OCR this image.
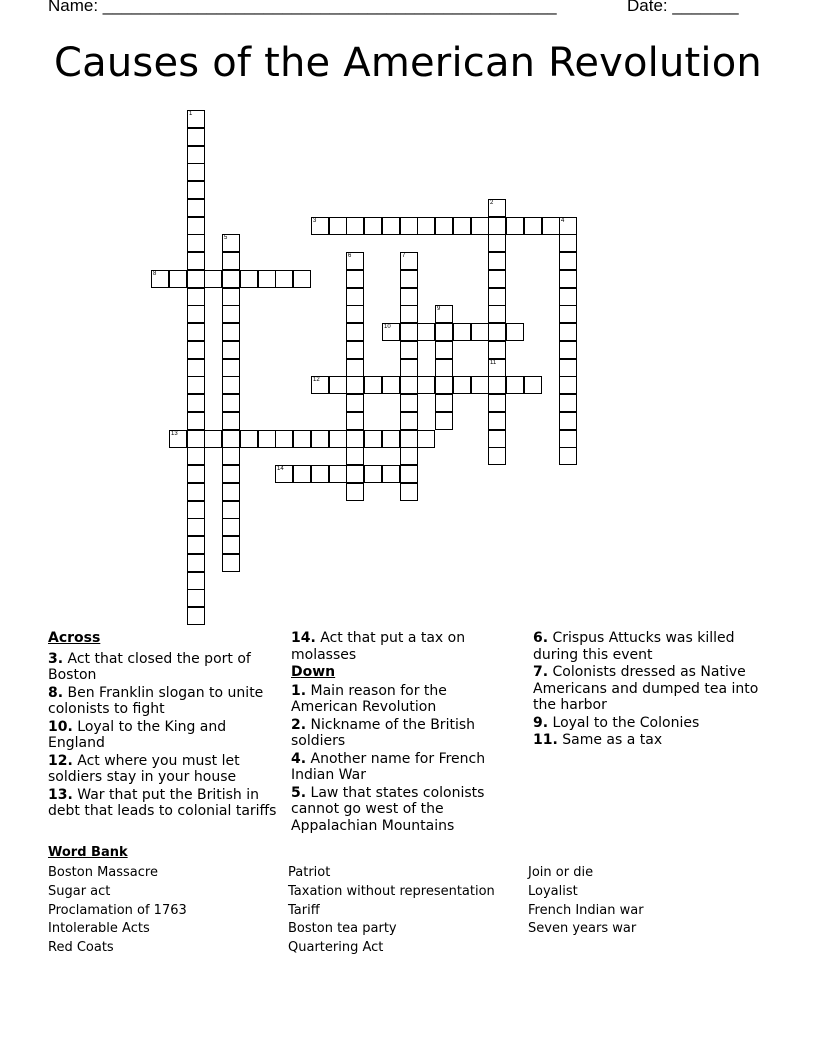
Name: ________________________________________________	Date: _______
Causes of the American Revolution
1
2
11
3	4
5
6	7
8
9
10
12
13
14
Across
3. Act that closed the port of Boston
8. Ben Franklin slogan to unite colonists to fight
10. Loyal to the King and England
12. Act where you must let soldiers stay in your house
13. War that put the British in debt that leads to colonial tariffs
14. Act that put a tax on molasses
Down
1. Main reason for the American Revolution
2. Nickname of the British soldiers
4. Another name for French Indian War
5. Law that states colonists cannot go west of the Appalachian Mountains
6. Crispus Attucks was killed during this event
7. Colonists dressed as Native Americans and dumped tea into the harbor
9. Loyal to the Colonies
11. Same as a tax
Word Bank
Boston Massacre
Sugar act
Proclamation of 1763
Intolerable Acts
Red Coats
Patriot
Taxation without representation
Tariff
Boston tea party
Quartering Act
Join or die
Loyalist
French Indian war
Seven years war
